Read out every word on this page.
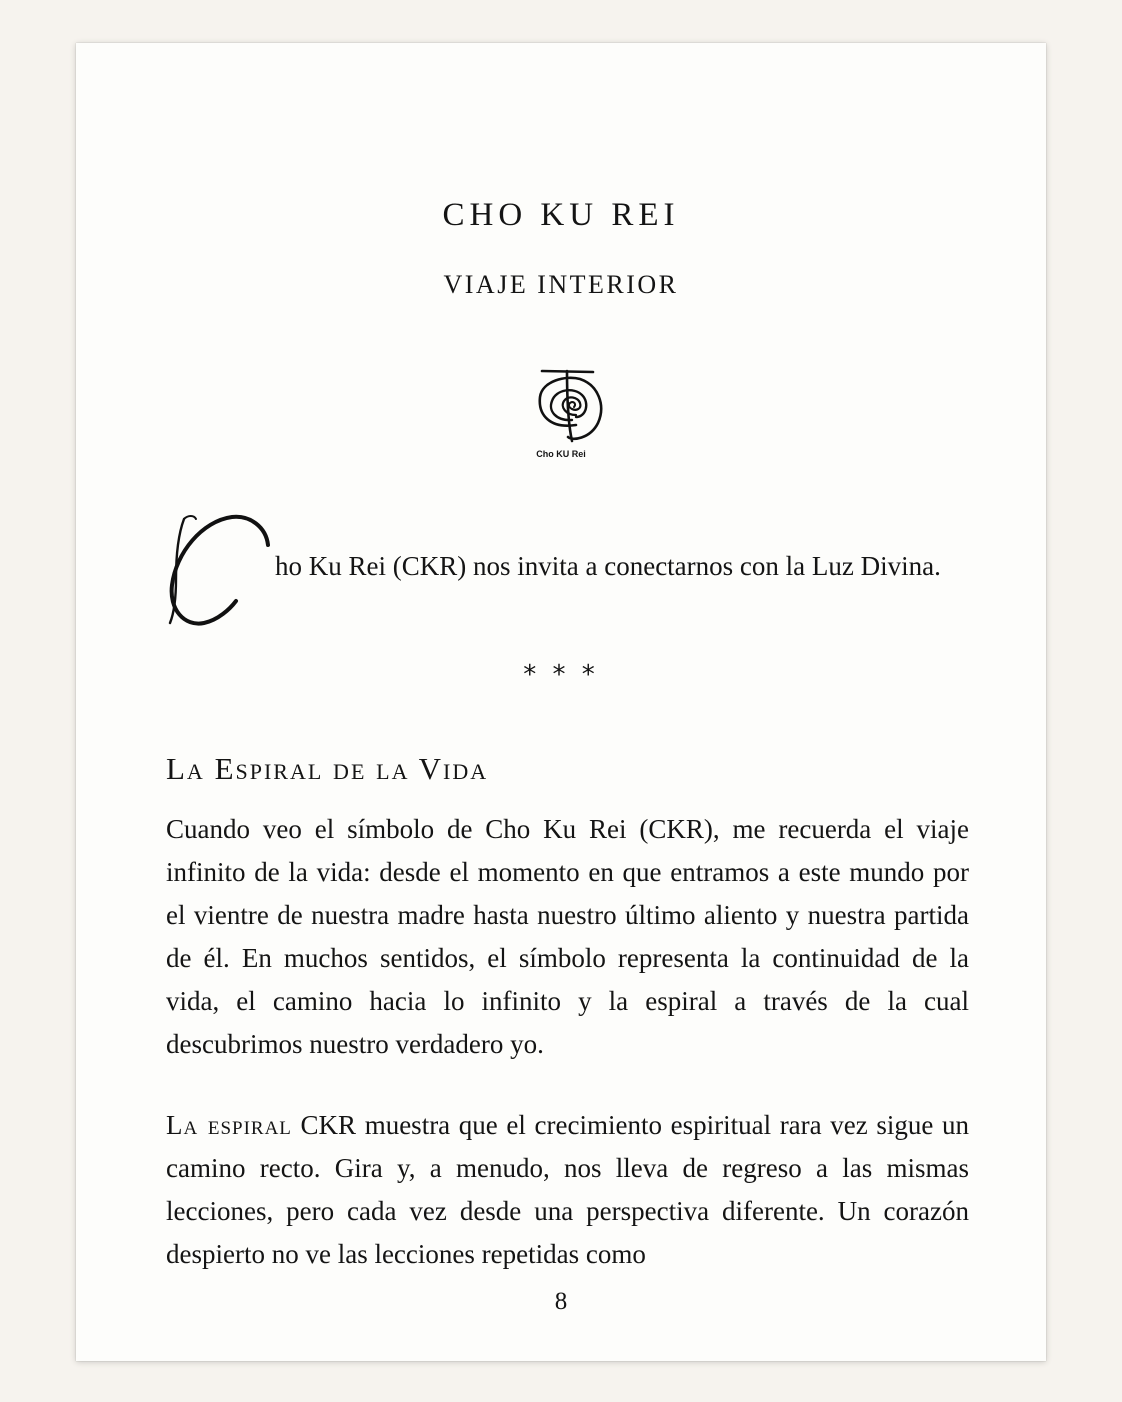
CHO KU REI
VIAJE INTERIOR
Cho KU Rei

ho Ku Rei (CKR) nos invita a conectarnos con la Luz Divina.

* * *

La Espiral de la Vida

Cuando veo el símbolo de Cho Ku Rei (CKR), me recuerda el viaje infinito de la vida: desde el momento en que entramos a este mundo por el vientre de nuestra madre hasta nuestro último aliento y nuestra partida de él. En muchos sentidos, el símbolo representa la continuidad de la vida, el camino hacia lo infinito y la espiral a través de la cual descubrimos nuestro verdadero yo.

La espiral CKR muestra que el crecimiento espiritual rara vez sigue un camino recto. Gira y, a menudo, nos lleva de regreso a las mismas lecciones, pero cada vez desde una perspectiva diferente. Un corazón despierto no ve las lecciones repetidas como

8
